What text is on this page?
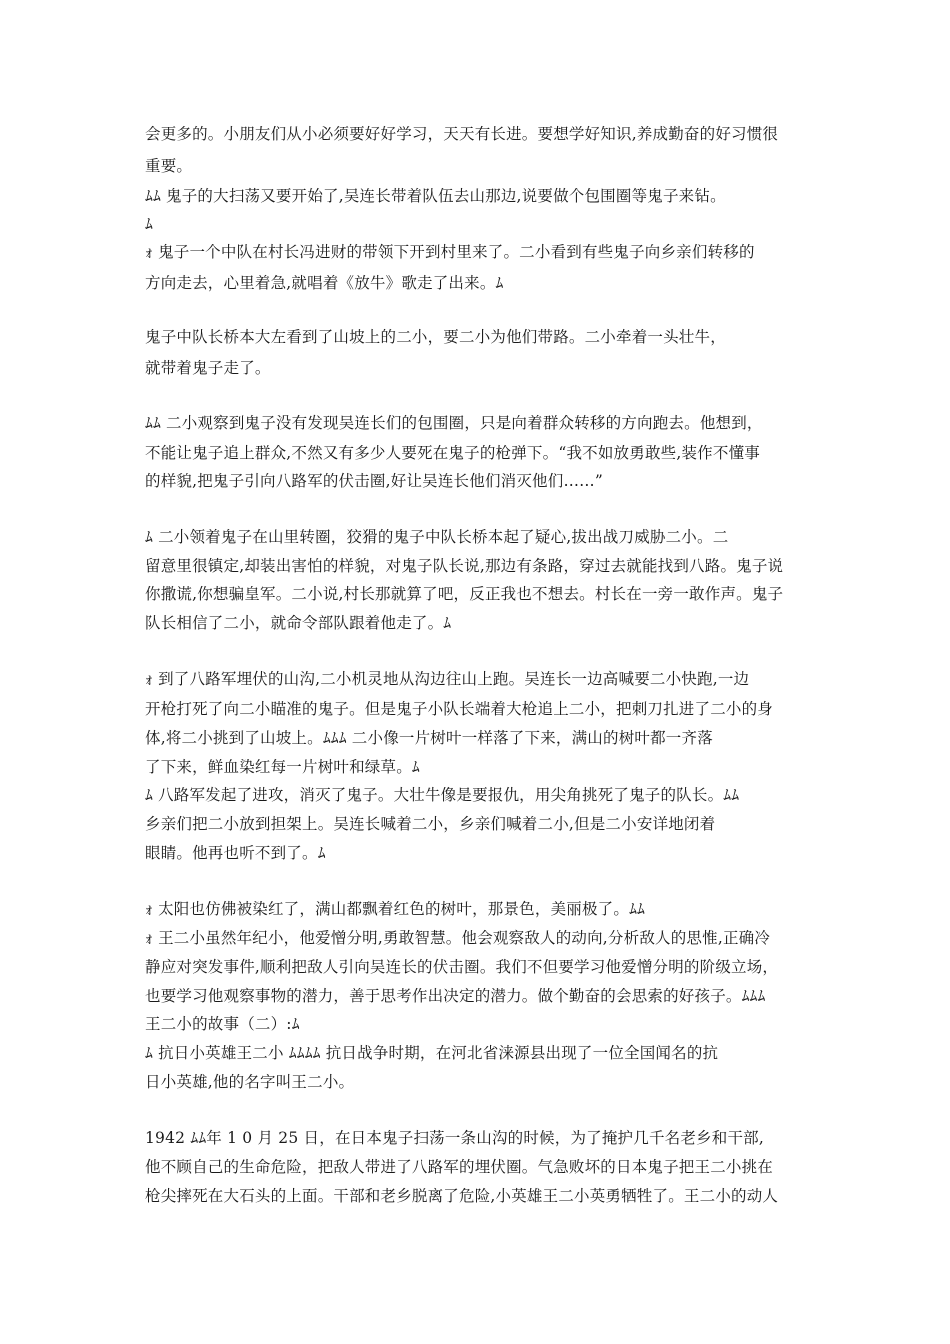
会更多的。小朋友们从小必须要好好学习，天天有长进。要想学好知识,养成勤奋的好习惯很
重要。
ﾑﾑ 鬼子的大扫荡又要开始了,吴连长带着队伍去山那边,说要做个包围圈等鬼子来钻。
ﾑ
ｫ 鬼子一个中队在村长冯进财的带领下开到村里来了。二小看到有些鬼子向乡亲们转移的
方向走去，心里着急,就唱着《放牛》歌走了出来。ﾑ
鬼子中队长桥本大左看到了山坡上的二小，要二小为他们带路。二小牵着一头壮牛，
就带着鬼子走了。
ﾑﾑ 二小观察到鬼子没有发现吴连长们的包围圈，只是向着群众转移的方向跑去。他想到，
不能让鬼子追上群众,不然又有多少人要死在鬼子的枪弹下。“我不如放勇敢些,装作不懂事
的样貌,把鬼子引向八路军的伏击圈,好让吴连长他们消灭他们……”
ﾑ 二小领着鬼子在山里转圈，狡猾的鬼子中队长桥本起了疑心,拔出战刀威胁二小。二
留意里很镇定,却装出害怕的样貌，对鬼子队长说,那边有条路，穿过去就能找到八路。鬼子说
你撒谎,你想骗皇军。二小说,村长那就算了吧，反正我也不想去。村长在一旁一敢作声。鬼子
队长相信了二小，就命令部队跟着他走了。ﾑ
ｫ 到了八路军埋伏的山沟,二小机灵地从沟边往山上跑。吴连长一边高喊要二小快跑,一边
开枪打死了向二小瞄准的鬼子。但是鬼子小队长端着大枪追上二小，把刺刀扎进了二小的身
体,将二小挑到了山坡上。ﾑﾑﾑ 二小像一片树叶一样落了下来，满山的树叶都一齐落
了下来，鲜血染红每一片树叶和绿草。ﾑ
ﾑ 八路军发起了进攻，消灭了鬼子。大壮牛像是要报仇，用尖角挑死了鬼子的队长。ﾑﾑ
乡亲们把二小放到担架上。吴连长喊着二小，乡亲们喊着二小,但是二小安详地闭着
眼睛。他再也听不到了。ﾑ
ｫ 太阳也仿佛被染红了，满山都飘着红色的树叶，那景色，美丽极了。ﾑﾑ
ｫ 王二小虽然年纪小，他爱憎分明,勇敢智慧。他会观察敌人的动向,分析敌人的思惟,正确冷
静应对突发事件,顺利把敌人引向吴连长的伏击圈。我们不但要学习他爱憎分明的阶级立场，
也要学习他观察事物的潜力，善于思考作出决定的潜力。做个勤奋的会思索的好孩子。ﾑﾑﾑ
王二小的故事（二）:ﾑ
ﾑ 抗日小英雄王二小 ﾑﾑﾑﾑ 抗日战争时期，在河北省涞源县出现了一位全国闻名的抗
日小英雄,他的名字叫王二小。
1942 ﾑﾑ年 1 0 月 25 日，在日本鬼子扫荡一条山沟的时候，为了掩护几千名老乡和干部,
他不顾自己的生命危险，把敌人带进了八路军的埋伏圈。气急败坏的日本鬼子把王二小挑在
枪尖摔死在大石头的上面。干部和老乡脱离了危险,小英雄王二小英勇牺牲了。王二小的动人
